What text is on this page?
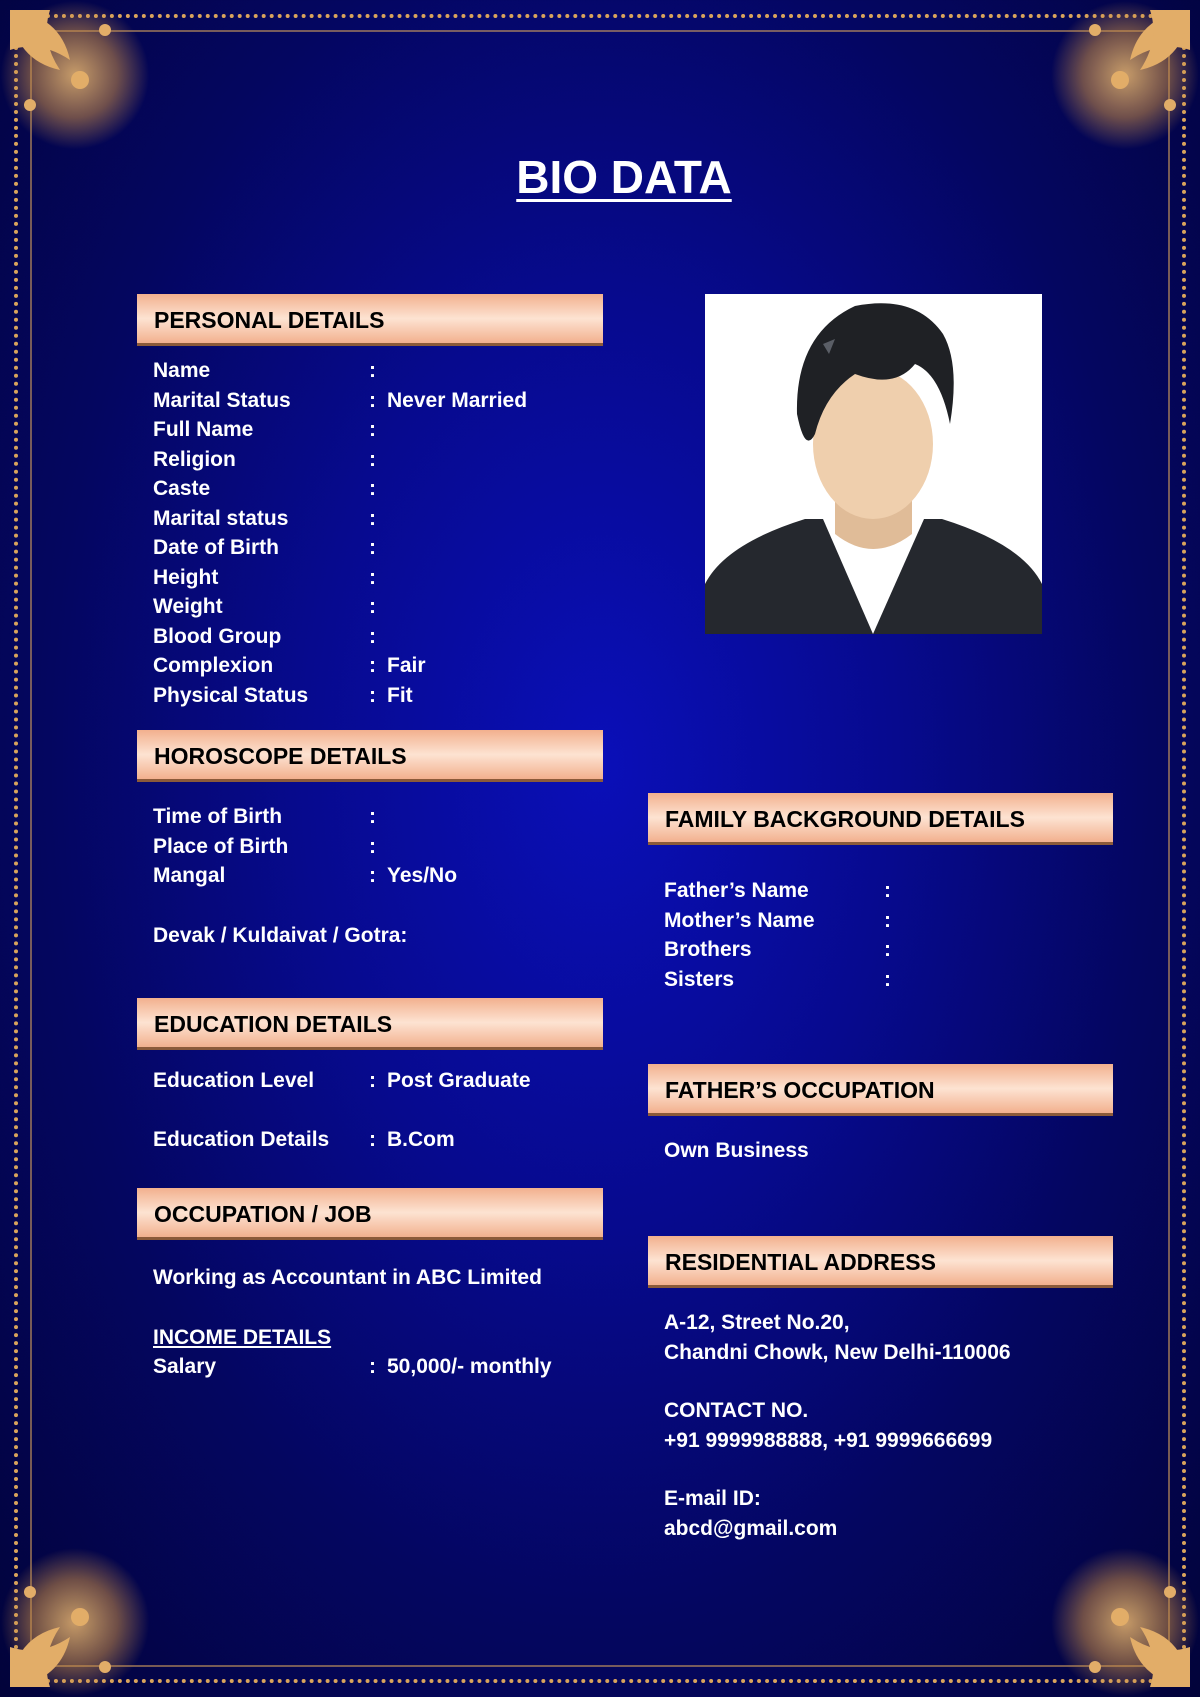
BIO DATA
PERSONAL DETAILS
Name	:
Marital Status	: Never Married
Full Name	:
Religion	:
Caste	:
Marital status	:
Date of Birth	:
Height	:
Weight	:
Blood Group	:
Complexion	: Fair
Physical Status	: Fit
HOROSCOPE DETAILS
Time of Birth	:
Place of Birth	:
Mangal	: Yes/No
Devak / Kuldaivat / Gotra:
EDUCATION DETAILS
Education Level	: Post Graduate
Education Details	: B.Com
OCCUPATION / JOB
Working as Accountant in ABC Limited
INCOME DETAILS
Salary	: 50,000/- monthly
FAMILY BACKGROUND DETAILS
Father’s Name	:
Mother’s Name	:
Brothers	:
Sisters	:
FATHER’S OCCUPATION
Own Business
RESIDENTIAL ADDRESS
A-12, Street No.20,
Chandni Chowk, New Delhi-110006
CONTACT NO.
+91 9999988888, +91 9999666699
E-mail ID:
abcd@gmail.com
